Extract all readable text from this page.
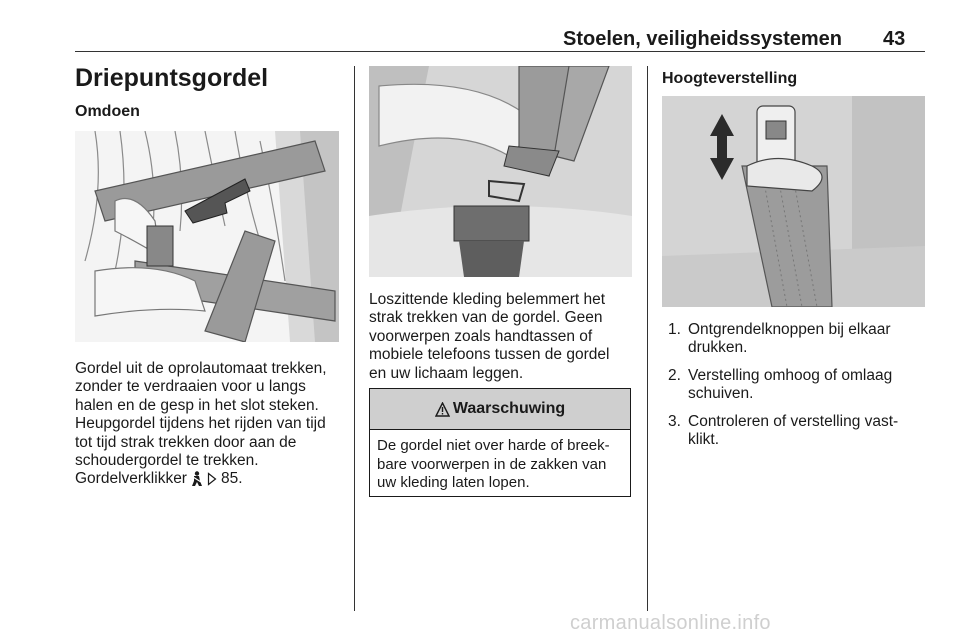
Stoelen, veiligheidssystemen 43
Driepuntsgordel
Omdoen

Gordel uit de oprolautomaat trekken,

zonder te verdraaien voor u langs

halen en de gesp in het slot steken.

Heupgordel tijdens het rijden van tijd

tot tijd strak trekken door aan de

schoudergordel te trekken.

Gordelverklikker 85.

Loszittende kleding belemmert het

strak trekken van de gordel. Geen

voorwerpen zoals handtassen of

mobiele telefoons tussen de gordel

en uw lichaam leggen.

Waarschuwing
De gordel niet over harde of breek-
bare voorwerpen in de zakken van
uw kleding laten lopen.
Hoogteverstelling
1. Ontgrendelknoppen bij elkaar
drukken.
2. Verstelling omhoog of omlaag
schuiven.
3. Controleren of verstelling vast-
klikt.
carmanualsonline.info
